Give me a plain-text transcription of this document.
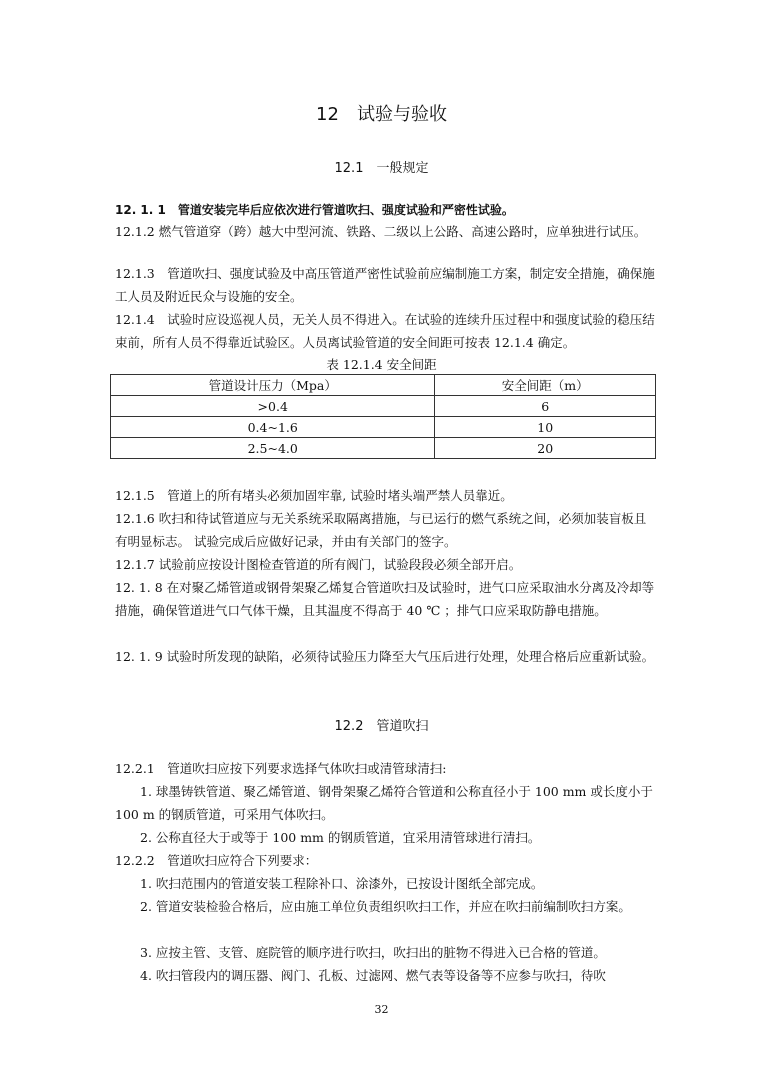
12　试验与验收
12.1　一般规定

12. 1. 1　管道安装完毕后应依次进行管道吹扫、强度试验和严密性试验。

12.1.2 燃气管道穿（跨）越大中型河流、铁路、二级以上公路、高速公路时，应单独进行试压。

12.1.3　管道吹扫、强度试验及中高压管道严密性试验前应编制施工方案，制定安全措施，确保施工人员及附近民众与设施的安全。

12.1.4　试验时应设巡视人员，无关人员不得进入。在试验的连续升压过程中和强度试验的稳压结束前，所有人员不得靠近试验区。人员离试验管道的安全间距可按表 12.1.4 确定。

表 12.1.4 安全间距
管道设计压力（Mpa）	安全间距（m）
>0.4	6
0.4~1.6	10
2.5~4.0	20

12.1.5　管道上的所有堵头必须加固牢靠, 试验时堵头端严禁人员靠近。

12.1.6 吹扫和待试管道应与无关系统采取隔离措施，与已运行的燃气系统之间，必须加装盲板且有明显标志。 试验完成后应做好记录，并由有关部门的签字。

12.1.7 试验前应按设计图检查管道的所有阀门，试验段段必须全部开启。

12. 1. 8 在对聚乙烯管道或钢骨架聚乙烯复合管道吹扫及试验时，进气口应采取油水分离及冷却等措施，确保管道进气口气体干燥，且其温度不得高于 40 ℃ ；排气口应采取防静电措施。

12. 1. 9 试验时所发现的缺陷，必须待试验压力降至大气压后进行处理，处理合格后应重新试验。

12.2　管道吹扫

12.2.1　管道吹扫应按下列要求选择气体吹扫或清管球清扫:

1. 球墨铸铁管道、聚乙烯管道、钢骨架聚乙烯符合管道和公称直径小于 100 mm 或长度小于 100 m 的钢质管道，可采用气体吹扫。

2. 公称直径大于或等于 100 mm 的钢质管道，宜采用清管球进行清扫。

12.2.2　管道吹扫应符合下列要求：

1. 吹扫范围内的管道安装工程除补口、涂漆外，已按设计图纸全部完成。

2. 管道安装检验合格后，应由施工单位负责组织吹扫工作，并应在吹扫前编制吹扫方案。

3. 应按主管、支管、庭院管的顺序进行吹扫，吹扫出的脏物不得进入已合格的管道。

4. 吹扫管段内的调压器、阀门、孔板、过滤网、燃气表等设备等不应参与吹扫，待吹

32
